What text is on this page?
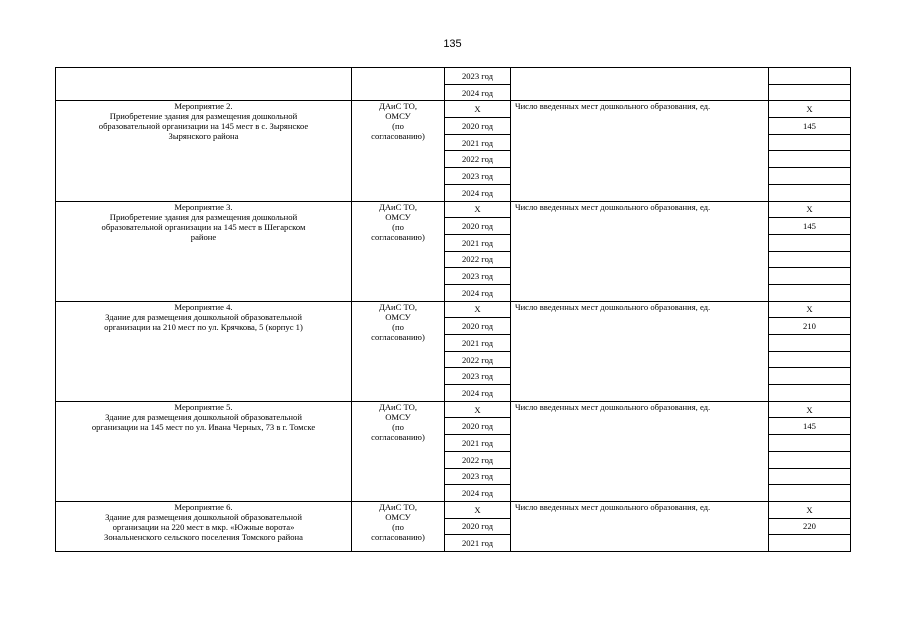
135
		2023 год		
		2024 год		

Мероприятие 2.
Приобретение здания для размещения дошкольной
образовательной организации на 145 мест в с. Зырянское
Зырянского района	ДАиС ТО,
ОМСУ
(по
согласованию)	Х	Число введенных мест дошкольного образования, ед.	Х
		2020 год		145
		2021 год		
		2022 год		
		2023 год		
		2024 год		

Мероприятие 3.
Приобретение здания для размещения дошкольной
образовательной организации на 145 мест в Шегарском
районе	ДАиС ТО,
ОМСУ
(по
согласованию)	Х	Число введенных мест дошкольного образования, ед.	Х
		2020 год		145
		2021 год		
		2022 год		
		2023 год		
		2024 год		

Мероприятие 4.
Здание для размещения дошкольной образовательной
организации на 210 мест по ул. Крячкова, 5 (корпус 1)	ДАиС ТО,
ОМСУ
(по
согласованию)	Х	Число введенных мест дошкольного образования, ед.	Х
		2020 год		210
		2021 год		
		2022 год		
		2023 год		
		2024 год		

Мероприятие 5.
Здание для размещения дошкольной образовательной
организации на 145 мест по ул. Ивана Черных, 73 в г. Томске	ДАиС ТО,
ОМСУ
(по
согласованию)	Х	Число введенных мест дошкольного образования, ед.	Х
		2020 год		145
		2021 год		
		2022 год		
		2023 год		
		2024 год		

Мероприятие 6.
Здание для размещения дошкольной образовательной
организации на 220 мест в мкр. «Южные ворота»
Зональненского сельского поселения Томского района	ДАиС ТО,
ОМСУ
(по
согласованию)	Х	Число введенных мест дошкольного образования, ед.	Х
		2020 год		220
		2021 год		
